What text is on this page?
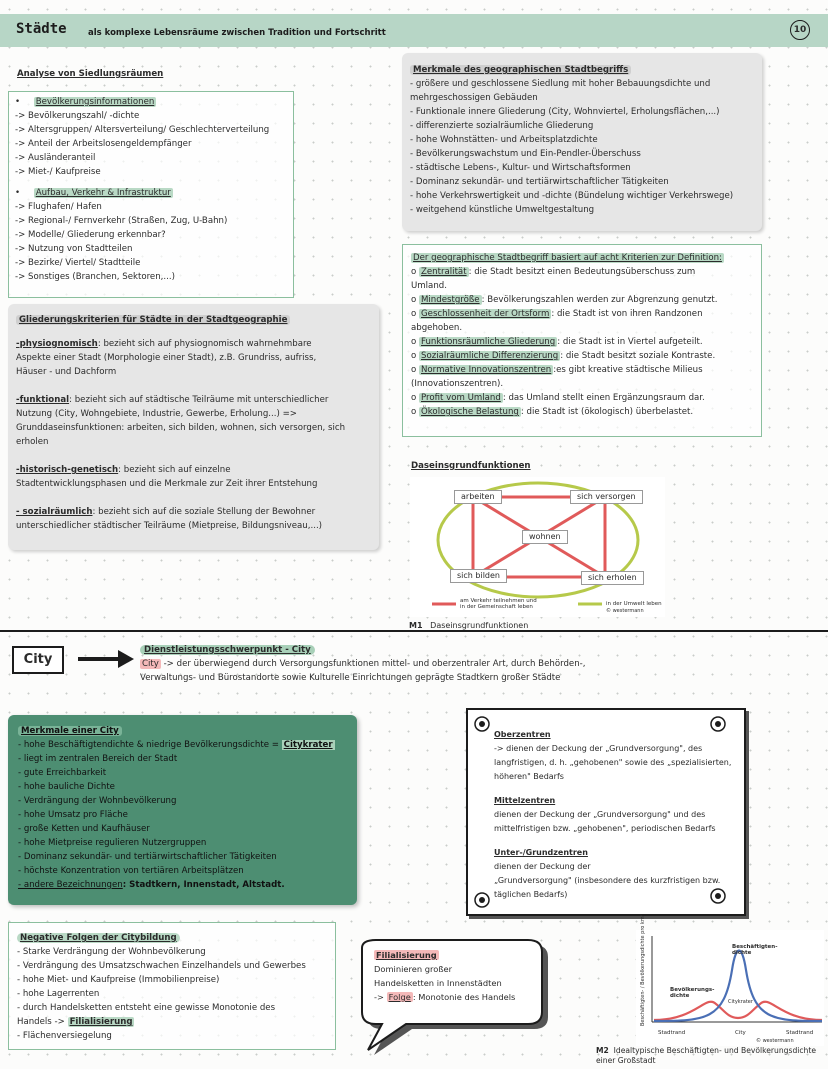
Städte	als komplexe Lebensräume zwischen Tradition und Fortschritt	10
Analyse von Siedlungsräumen
•     Bevölkerungsinformationen
-> Bevölkerungszahl/ -dichte
-> Altersgruppen/ Altersverteilung/ Geschlechterverteilung
-> Anteil der Arbeitslosengeldempfänger
-> Ausländeranteil
-> Miet-/ Kaufpreise
•     Aufbau, Verkehr & Infrastruktur
-> Flughafen/ Hafen
-> Regional-/ Fernverkehr (Straßen, Zug, U-Bahn)
-> Modelle/ Gliederung erkennbar?
-> Nutzung von Stadtteilen
-> Bezirke/ Viertel/ Stadtteile
-> Sonstiges (Branchen, Sektoren,...)
Gliederungskriterien für Städte in der Stadtgeographie
-physiognomisch: bezieht sich auf physiognomisch wahrnehmbare
Aspekte einer Stadt (Morphologie einer Stadt), z.B. Grundriss, aufriss,
Häuser - und Dachform
-funktional: bezieht sich auf städtische Teilräume mit unterschiedlicher
Nutzung (City, Wohngebiete, Industrie, Gewerbe, Erholung...) =>
Grunddaseinsfunktionen: arbeiten, sich bilden, wohnen, sich versorgen, sich
erholen
-historisch-genetisch: bezieht sich auf einzelne
Stadtentwicklungsphasen und die Merkmale zur Zeit ihrer Entstehung
- sozialräumlich: bezieht sich auf die soziale Stellung der Bewohner
unterschiedlicher städtischer Teilräume (Mietpreise, Bildungsniveau,...)
Merkmale des geographischen Stadtbegriffs
- größere und geschlossene Siedlung mit hoher Bebauungsdichte und
mehrgeschossigen Gebäuden
- Funktionale innere Gliederung (City, Wohnviertel, Erholungsflächen,...)
- differenzierte sozialräumliche Gliederung
- hohe Wohnstätten- und Arbeitsplatzdichte
- Bevölkerungswachstum und Ein-Pendler-Überschuss
- städtische Lebens-, Kultur- und Wirtschaftsformen
- Dominanz sekundär- und tertiärwirtschaftlicher Tätigkeiten
- hohe Verkehrswertigkeit und -dichte (Bündelung wichtiger Verkehrswege)
- weitgehend künstliche Umweltgestaltung
Der geographische Stadtbegriff basiert auf acht Kriterien zur Definition:
o Zentralität : die Stadt besitzt einen Bedeutungsüberschuss zum
Umland.
o Mindestgröße : Bevölkerungszahlen werden zur Abgrenzung genutzt.
o Geschlossenheit der Ortsform : die Stadt ist von ihren Randzonen
abgehoben.
o Funktionsräumliche Gliederung : die Stadt ist in Viertel aufgeteilt.
o Sozialräumliche Differenzierung : die Stadt besitzt soziale Kontraste.
o Normative Innovationszentren :es gibt kreative städtische Milieus
(Innovationszentren).
o Profit vom Umland : das Umland stellt einen Ergänzungsraum dar.
o Ökologische Belastung : die Stadt ist (ökologisch) überbelastet.
Daseinsgrundfunktionen
arbeiten	sich versorgen
wohnen
sich bilden	sich erholen
am Verkehr teilnehmen und
in der Gemeinschaft leben	in der Umwelt leben
© westermann
M1 Daseinsgrundfunktionen
City
Dienstleistungsschwerpunkt - City
City -> der überwiegend durch Versorgungsfunktionen mittel- und oberzentraler Art, durch Behörden-,
Verwaltungs- und Bürostandorte sowie Kulturelle Einrichtungen geprägte Stadtkern großer Städte
Merkmale einer City
- hohe Beschäftigtendichte & niedrige Bevölkerungsdichte = Citykrater
- liegt im zentralen Bereich der Stadt
- gute Erreichbarkeit
- hohe bauliche Dichte
- Verdrängung der Wohnbevölkerung
- hohe Umsatz pro Fläche
- große Ketten und Kaufhäuser
- hohe Mietpreise regulieren Nutzergruppen
- Dominanz sekundär- und tertiärwirtschaftlicher Tätigkeiten
- höchste Konzentration von tertiären Arbeitsplätzen
- andere Bezeichnungen: Stadtkern, Innenstadt, Altstadt.
Oberzentren
-> dienen der Deckung der „Grundversorgung", des
langfristigen, d. h. „gehobenen" sowie des „spezialisierten,
höheren" Bedarfs
Mittelzentren
dienen der Deckung der „Grundversorgung" und des
mittelfristigen bzw. „gehobenen", periodischen Bedarfs
Unter-/Grundzentren
dienen der Deckung der
„Grundversorgung" (insbesondere des kurzfristigen bzw.
täglichen Bedarfs)
Negative Folgen der Citybildung
- Starke Verdrängung der Wohnbevölkerung
- Verdrängung des Umsatzschwachen Einzelhandels und Gewerbes
- hohe Miet- und Kaufpreise (Immobilienpreise)
- hohe Lagerrenten
- durch Handelsketten entsteht eine gewisse Monotonie des
Handels -> Filialisierung
- Flächenversiegelung
Filialisierung
Dominieren großer
Handelsketten in Innenstädten
-> Folge : Monotonie des Handels	Beschäftigten- / Bevölkerungsdichte pro km²	Beschäftigten-dichte
Bevölkerungs-dichte
Citykrater
Stadtrand	City	Stadtrand
© westermann
M2 Idealtypische Beschäftigten- und Bevölkerungsdichte einer Großstadt
